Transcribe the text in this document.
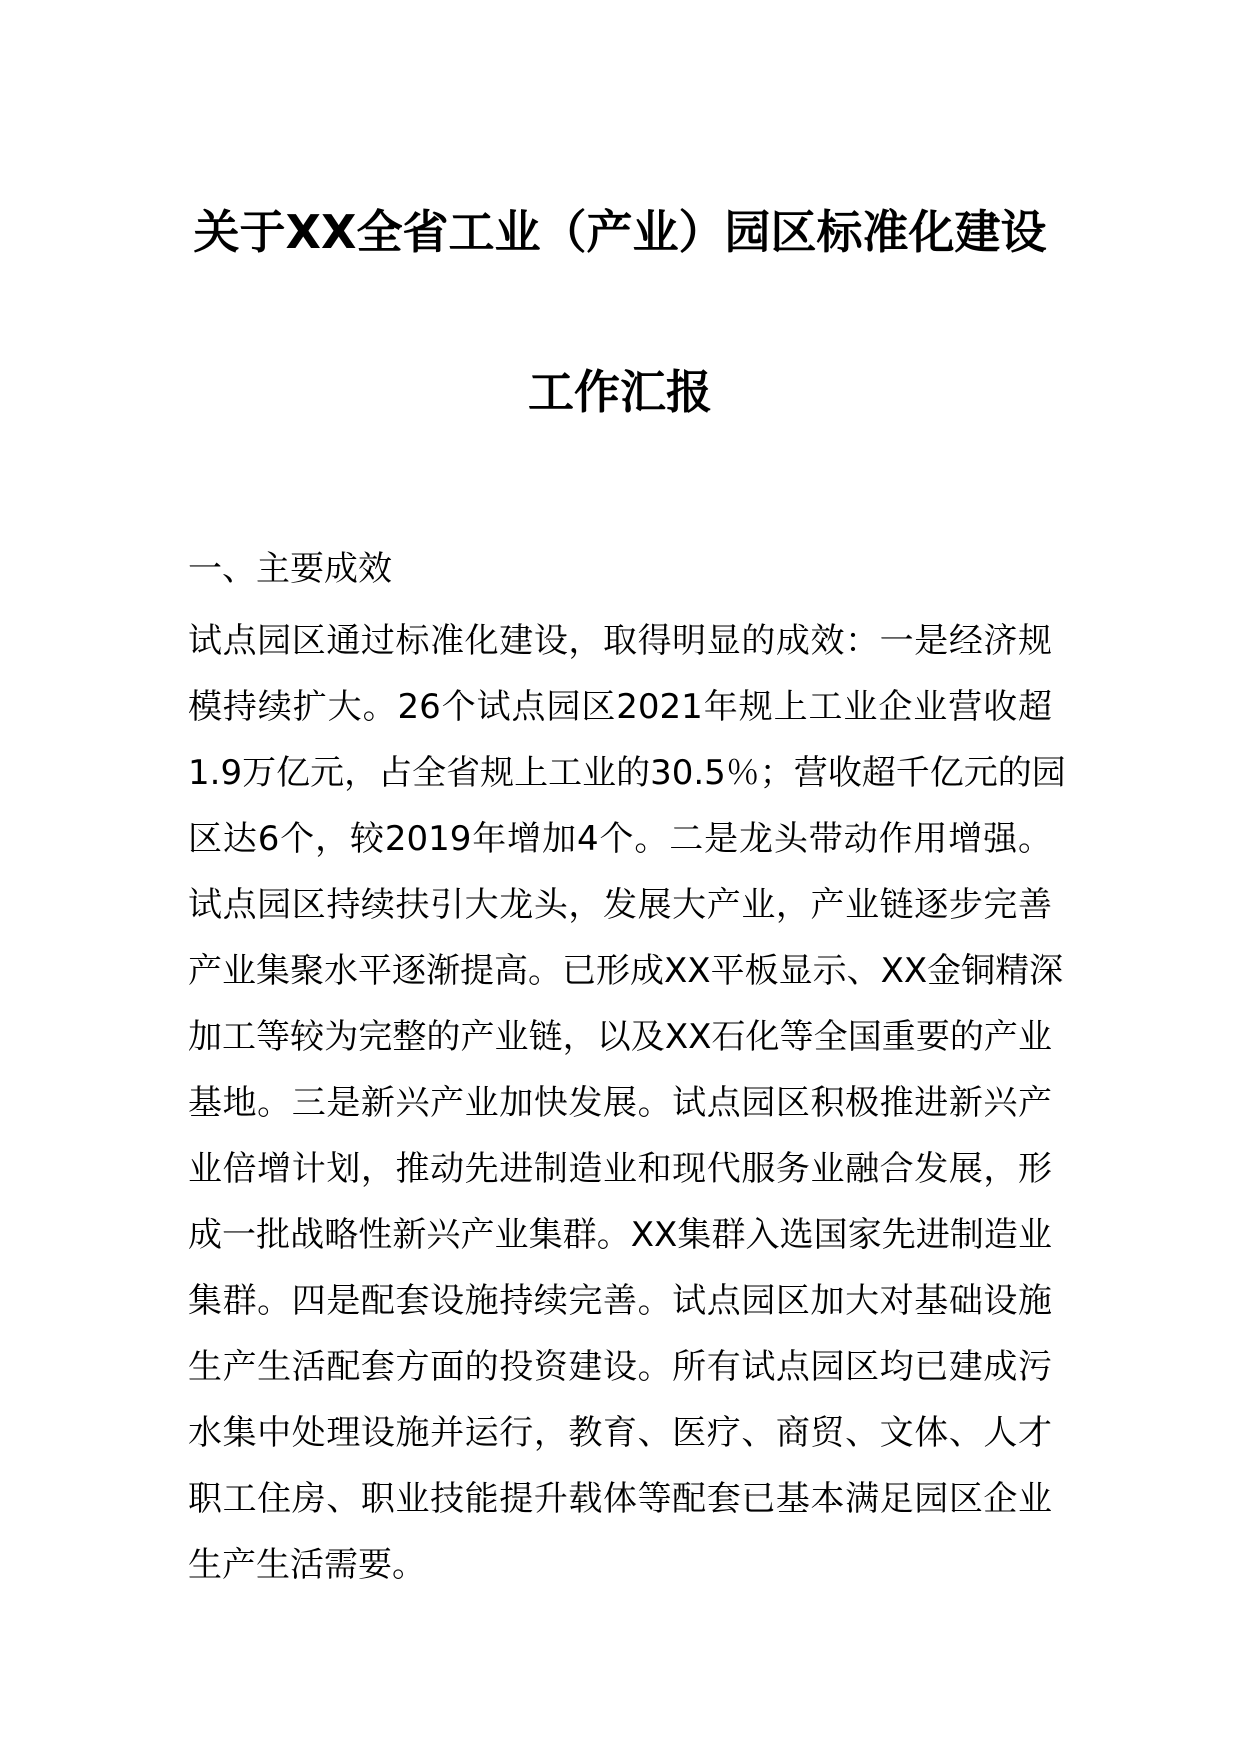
关于XX全省工业（产业）园区标准化建设
工作汇报
一、主要成效
试点园区通过标准化建设，取得明显的成效：一是经济规
模持续扩大。26个试点园区2021年规上工业企业营收超
1.9万亿元，占全省规上工业的30.5％；营收超千亿元的园
区达6个，较2019年增加4个。二是龙头带动作用增强。
试点园区持续扶引大龙头，发展大产业，产业链逐步完善
产业集聚水平逐渐提高。已形成XX平板显示、XX金铜精深
加工等较为完整的产业链，以及XX石化等全国重要的产业
基地。三是新兴产业加快发展。试点园区积极推进新兴产
业倍增计划，推动先进制造业和现代服务业融合发展，形
成一批战略性新兴产业集群。XX集群入选国家先进制造业
集群。四是配套设施持续完善。试点园区加大对基础设施
生产生活配套方面的投资建设。所有试点园区均已建成污
水集中处理设施并运行，教育、医疗、商贸、文体、人才
职工住房、职业技能提升载体等配套已基本满足园区企业
生产生活需要。
